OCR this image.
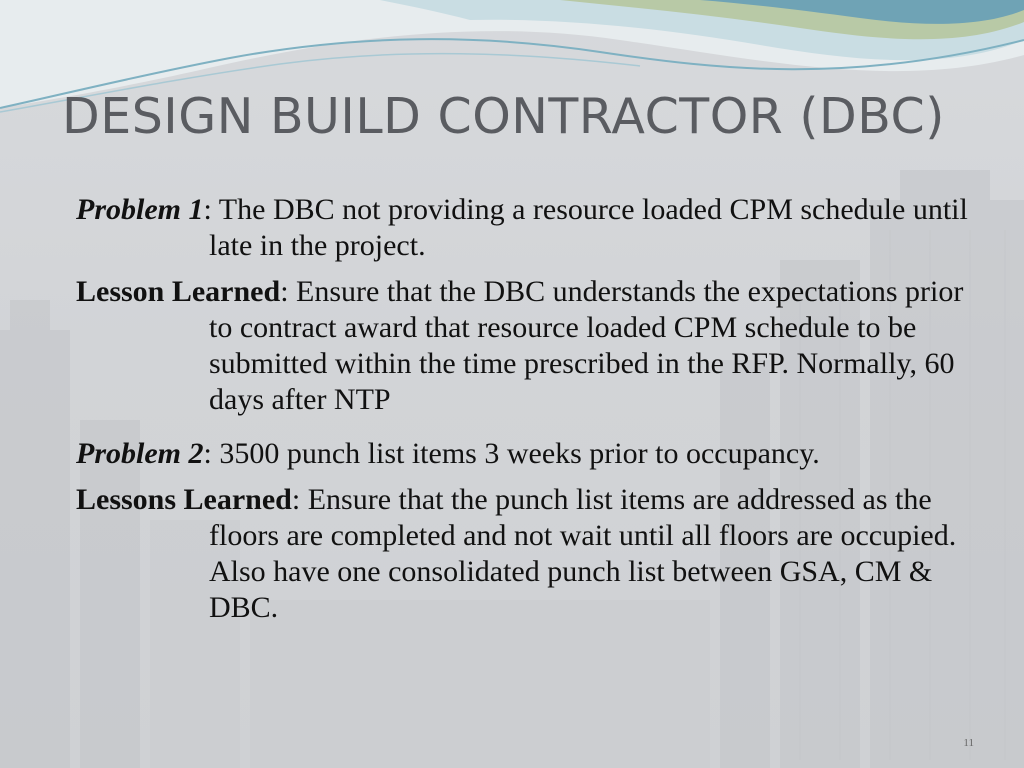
DESIGN BUILD CONTRACTOR (DBC)
Problem 1: The DBC not providing a resource loaded CPM schedule until late in the project.
Lesson Learned: Ensure that the DBC understands the expectations prior to contract award that resource loaded CPM schedule to be submitted within the time prescribed in the RFP. Normally, 60 days after NTP
Problem 2: 3500 punch list items 3 weeks prior to occupancy.
Lessons Learned: Ensure that the punch list items are addressed as the floors are completed and not wait until all floors are occupied. Also have one consolidated punch list between GSA, CM & DBC.
11
